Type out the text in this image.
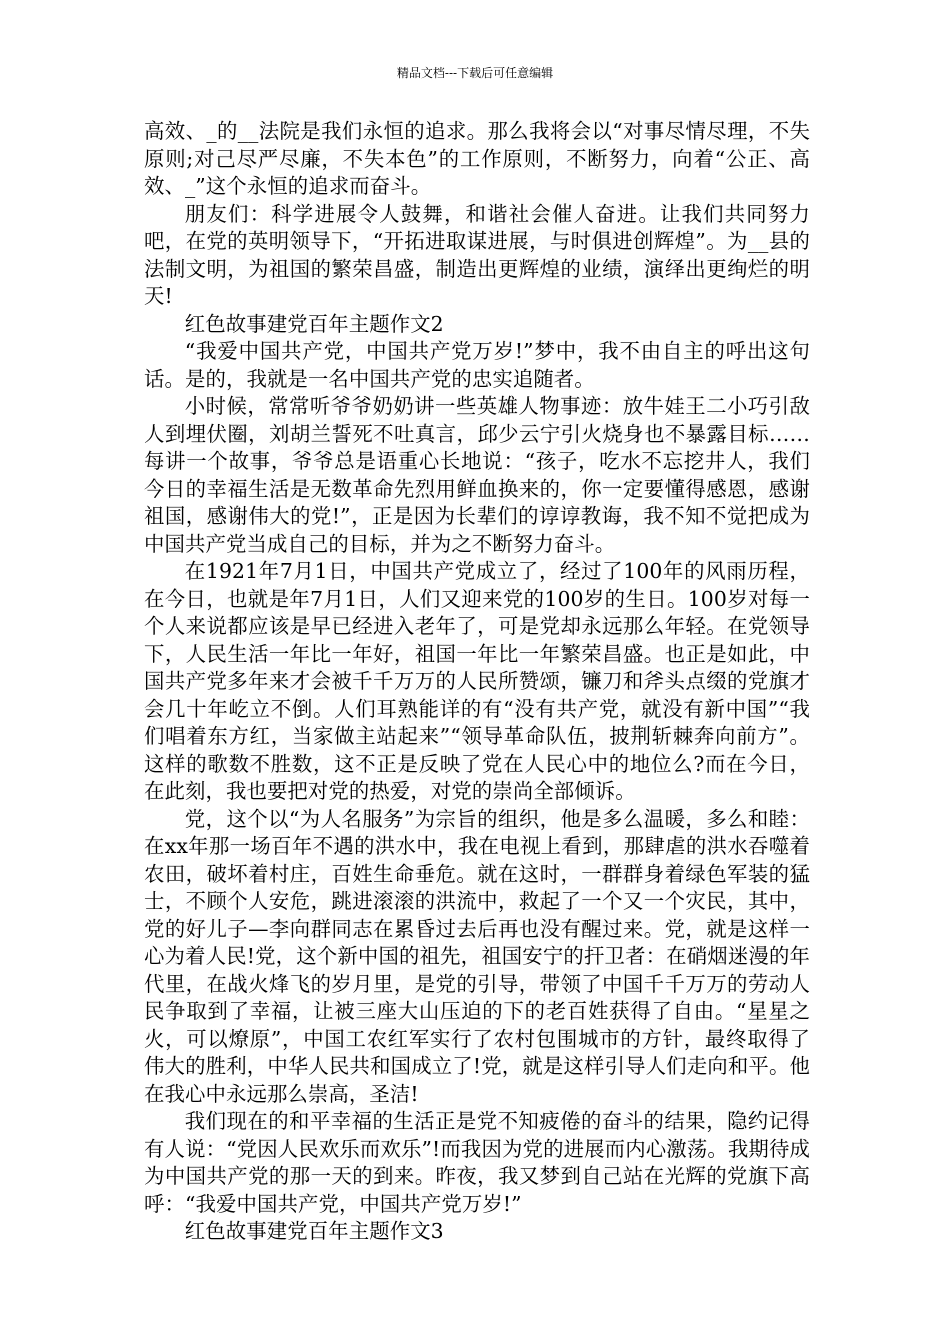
精品文档---下载后可任意编辑

高效、_的__法院是我们永恒的追求。那么我将会以“对事尽情尽理，不失原则;对己尽严尽廉，不失本色”的工作原则，不断努力，向着“公正、高效、_”这个永恒的追求而奋斗。

朋友们：科学进展令人鼓舞，和谐社会催人奋进。让我们共同努力吧，在党的英明领导下，“开拓进取谋进展，与时俱进创辉煌”。为__县的法制文明，为祖国的繁荣昌盛，制造出更辉煌的业绩，演绎出更绚烂的明天!

红色故事建党百年主题作文2

“我爱中国共产党，中国共产党万岁!”梦中，我不由自主的呼出这句话。是的，我就是一名中国共产党的忠实追随者。

小时候，常常听爷爷奶奶讲一些英雄人物事迹：放牛娃王二小巧引敌人到埋伏圈，刘胡兰誓死不吐真言，邱少云宁引火烧身也不暴露目标……每讲一个故事，爷爷总是语重心长地说：“孩子，吃水不忘挖井人，我们今日的幸福生活是无数革命先烈用鲜血换来的，你一定要懂得感恩，感谢祖国，感谢伟大的党!”，正是因为长辈们的谆谆教诲，我不知不觉把成为中国共产党当成自己的目标，并为之不断努力奋斗。

在1921年7月1日，中国共产党成立了，经过了100年的风雨历程，在今日，也就是年7月1日，人们又迎来党的100岁的生日。100岁对每一个人来说都应该是早已经进入老年了，可是党却永远那么年轻。在党领导下，人民生活一年比一年好，祖国一年比一年繁荣昌盛。也正是如此，中国共产党多年来才会被千千万万的人民所赞颂，镰刀和斧头点缀的党旗才会几十年屹立不倒。人们耳熟能详的有“没有共产党，就没有新中国”“我们唱着东方红，当家做主站起来”“领导革命队伍，披荆斩棘奔向前方”。这样的歌数不胜数，这不正是反映了党在人民心中的地位么?而在今日，在此刻，我也要把对党的热爱，对党的崇尚全部倾诉。

党，这个以“为人名服务”为宗旨的组织，他是多么温暖，多么和睦：在xx年那一场百年不遇的洪水中，我在电视上看到，那肆虐的洪水吞噬着农田，破坏着村庄，百姓生命垂危。就在这时，一群群身着绿色军装的猛士，不顾个人安危，跳进滚滚的洪流中，救起了一个又一个灾民，其中，党的好儿子—李向群同志在累昏过去后再也没有醒过来。党，就是这样一心为着人民!党，这个新中国的祖先，祖国安宁的扞卫者：在硝烟迷漫的年代里，在战火烽飞的岁月里，是党的引导，带领了中国千千万万的劳动人民争取到了幸福，让被三座大山压迫的下的老百姓获得了自由。“星星之火，可以燎原”，中国工农红军实行了农村包围城市的方针，最终取得了伟大的胜利，中华人民共和国成立了!党，就是这样引导人们走向和平。他在我心中永远那么崇高，圣洁!

我们现在的和平幸福的生活正是党不知疲倦的奋斗的结果，隐约记得有人说：“党因人民欢乐而欢乐”!而我因为党的进展而内心激荡。我期待成为中国共产党的那一天的到来。昨夜，我又梦到自己站在光辉的党旗下高呼：“我爱中国共产党，中国共产党万岁!”

红色故事建党百年主题作文3
